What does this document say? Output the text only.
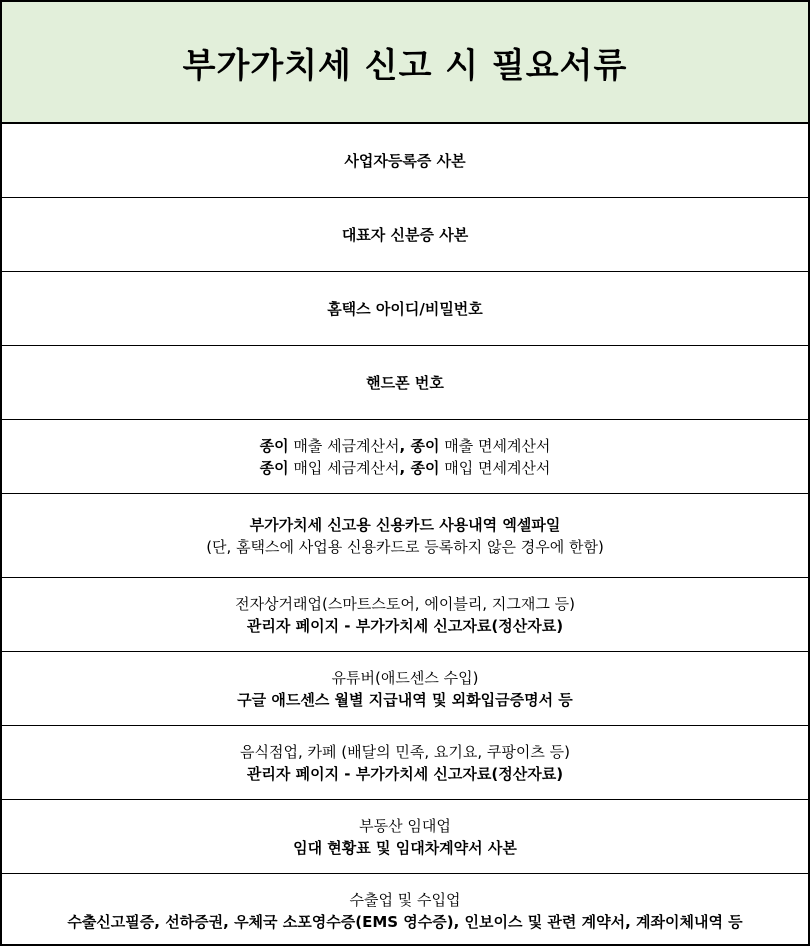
부가가치세 신고 시 필요서류
사업자등록증 사본
대표자 신분증 사본
홈택스 아이디/비밀번호
핸드폰 번호
종이 매출 세금계산서, 종이 매출 면세계산서
종이 매입 세금계산서, 종이 매입 면세계산서
부가가치세 신고용 신용카드 사용내역 엑셀파일
(단, 홈택스에 사업용 신용카드로 등록하지 않은 경우에 한함)
전자상거래업(스마트스토어, 에이블리, 지그재그 등)
관리자 페이지 - 부가가치세 신고자료(정산자료)
유튜버(애드센스 수입)
구글 애드센스 월별 지급내역 및 외화입금증명서 등
음식점업, 카페 (배달의 민족, 요기요, 쿠팡이츠 등)
관리자 페이지 - 부가가치세 신고자료(정산자료)
부동산 임대업
임대 현황표 및 임대차계약서 사본
수출업 및 수입업
수출신고필증, 선하증권, 우체국 소포영수증(EMS 영수증), 인보이스 및 관련 계약서, 계좌이체내역 등
